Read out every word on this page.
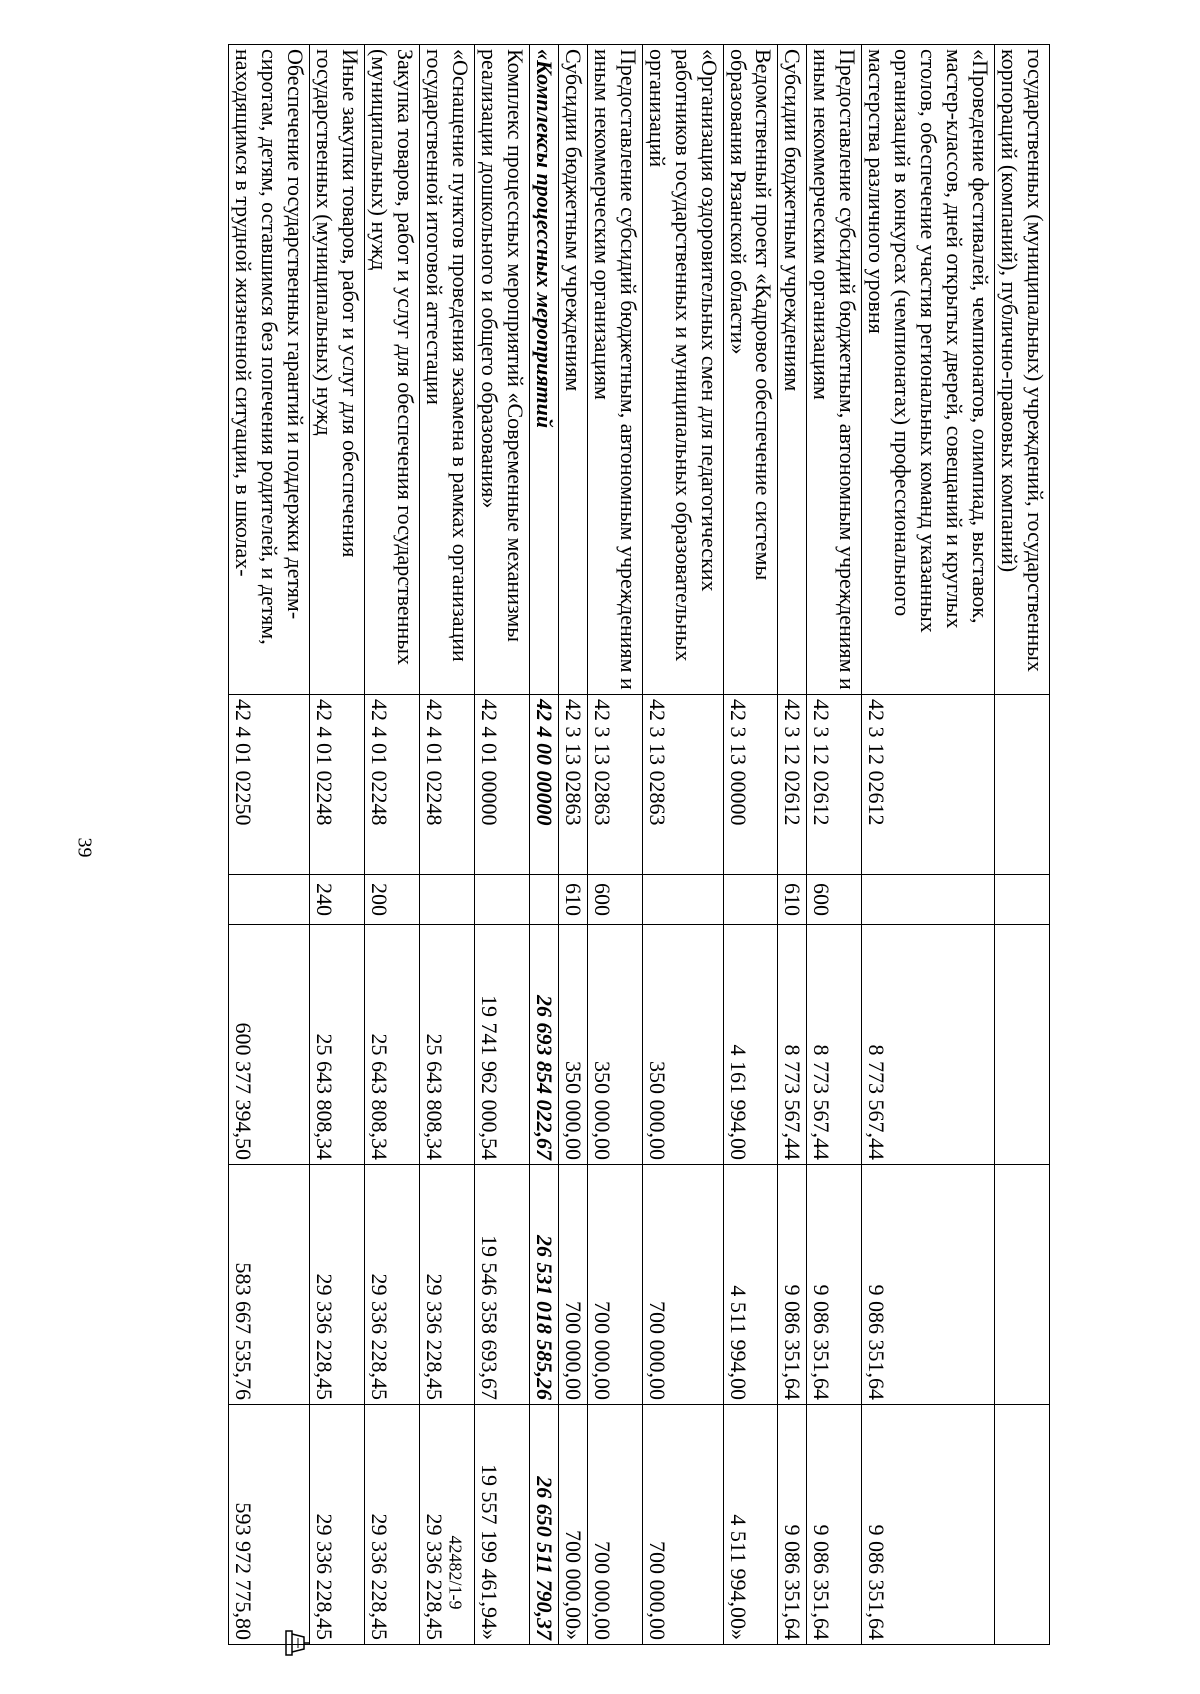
39
государственных (муниципальных) учреждений, государственных корпораций (компаний), публично-правовых компаний)					
«Проведение фестивалей, чемпионатов, олимпиад, выставок, мастер-классов, дней открытых дверей, совещаний и круглых столов, обеспечение участия региональных команд указанных организаций в конкурсах (чемпионатах) профессионального мастерства различного уровня	42 3 12 02612		8 773 567,44	9 086 351,64	9 086 351,64
Предоставление субсидий бюджетным, автономным учреждениям и иным некоммерческим организациям	42 3 12 02612	600	8 773 567,44	9 086 351,64	9 086 351,64
Субсидии бюджетным учреждениям	42 3 12 02612	610	8 773 567,44	9 086 351,64	9 086 351,64
Ведомственный проект «Кадровое обеспечение системы образования Рязанской области»	42 3 13 00000		4 161 994,00	4 511 994,00	4 511 994,00»
«Организация оздоровительных смен для педагогических работников государственных и муниципальных образовательных организаций	42 3 13 02863		350 000,00	700 000,00	700 000,00
Предоставление субсидий бюджетным, автономным учреждениям и иным некоммерческим организациям	42 3 13 02863	600	350 000,00	700 000,00	700 000,00
Субсидии бюджетным учреждениям	42 3 13 02863	610	350 000,00	700 000,00	700 000,00»
«Комплексы процессных мероприятий	42 4 00 00000		26 693 854 022,67	26 531 018 585,26	26 650 511 790,37
Комплекс процессных мероприятий «Современные механизмы реализации дошкольного и общего образования»	42 4 01 00000		19 741 962 000,54	19 546 358 693,67	19 557 199 461,94»
«Оснащение пунктов проведения экзамена в рамках организации государственной итоговой аттестации	42 4 01 02248		25 643 808,34	29 336 228,45	29 336 228,45
Закупка товаров, работ и услуг для обеспечения государственных (муниципальных) нужд	42 4 01 02248	200	25 643 808,34	29 336 228,45	29 336 228,45
Иные закупки товаров, работ и услуг для обеспечения государственных (муниципальных) нужд	42 4 01 02248	240	25 643 808,34	29 336 228,45	29 336 228,45
Обеспечение государственных гарантий и поддержки детям-сиротам, детям, оставшимся без попечения родителей, и детям, находящимся в трудной жизненной ситуации, в школах-	42 4 01 02250		600 377 394,50	583 667 535,76	593 972 775,80	42482/1-9
